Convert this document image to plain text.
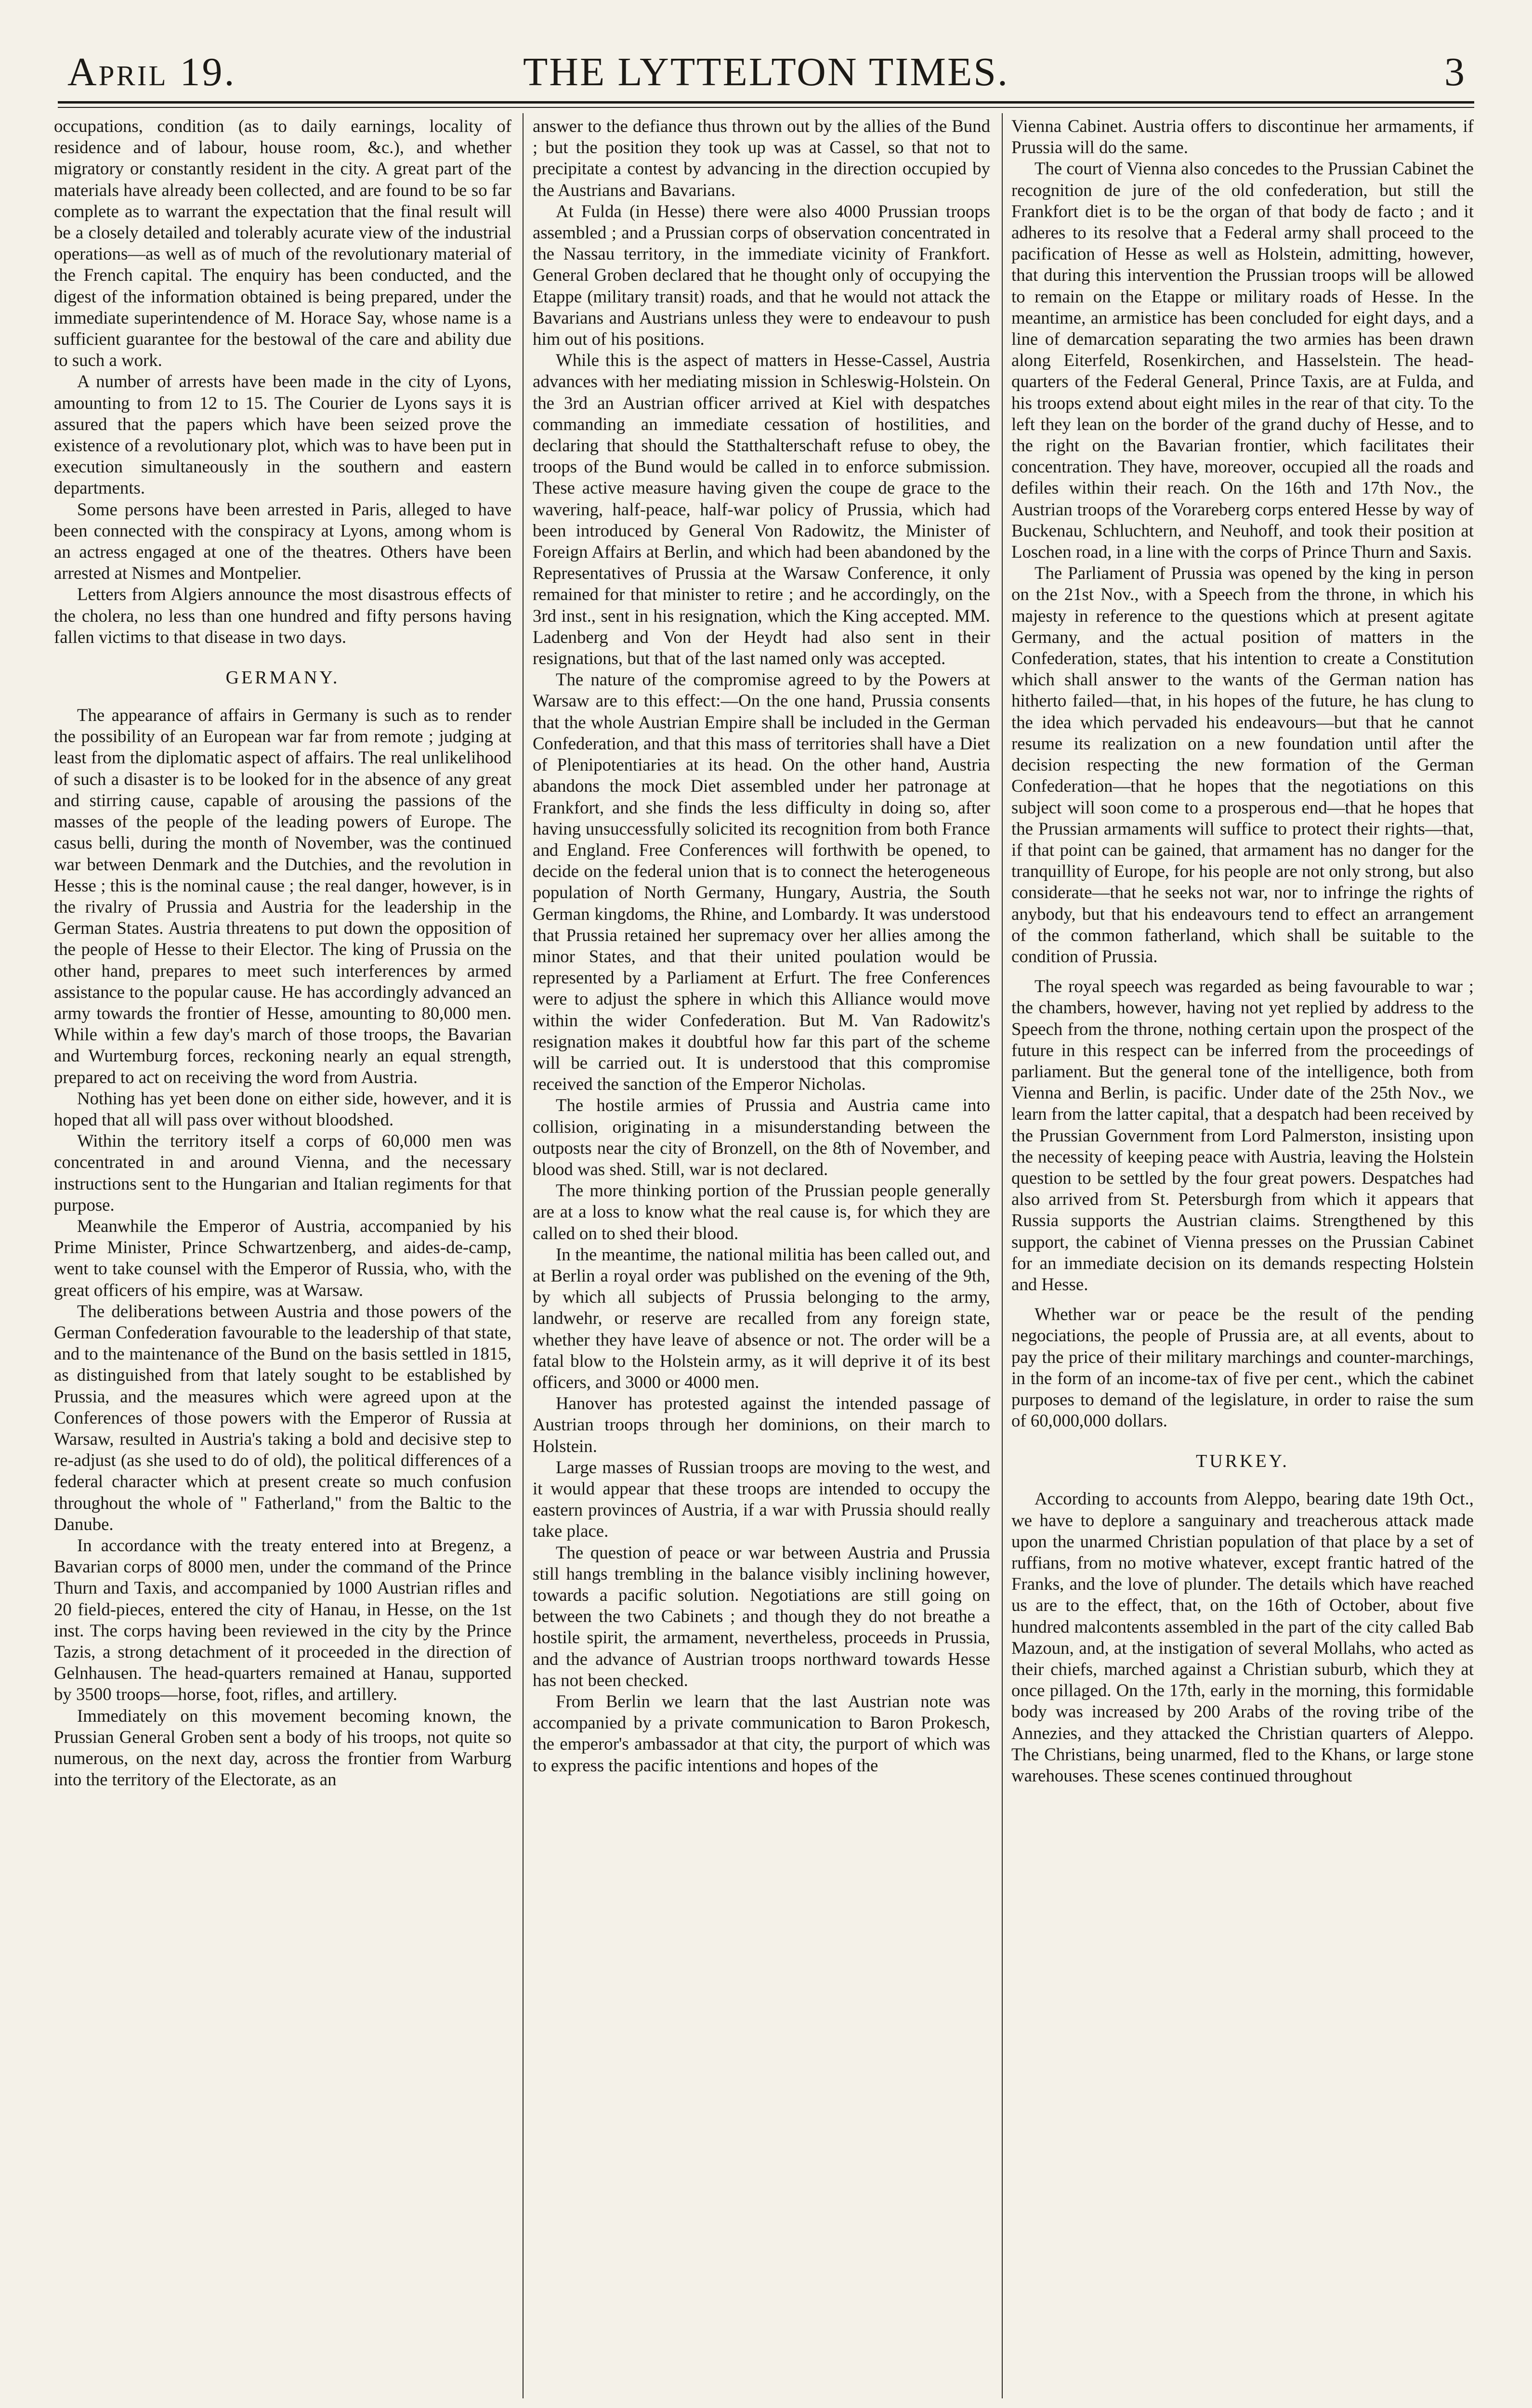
April 19.	THE LYTTELTON TIMES.	3

occupations, condition (as to daily earnings, locality of residence and of labour, house room, &c.), and whether migratory or constantly resident in the city. A great part of the materials have already been collected, and are found to be so far complete as to warrant the expectation that the final result will be a closely detailed and tolerably acurate view of the industrial operations—as well as of much of the revolutionary material of the French capital. The enquiry has been conducted, and the digest of the information obtained is being prepared, under the immediate superintendence of M. Horace Say, whose name is a sufficient guarantee for the bestowal of the care and ability due to such a work.

A number of arrests have been made in the city of Lyons, amounting to from 12 to 15. The Courier de Lyons says it is assured that the papers which have been seized prove the existence of a revolutionary plot, which was to have been put in execution simultaneously in the southern and eastern departments.

Some persons have been arrested in Paris, alleged to have been connected with the conspiracy at Lyons, among whom is an actress engaged at one of the theatres. Others have been arrested at Nismes and Montpelier.

Letters from Algiers announce the most disastrous effects of the cholera, no less than one hundred and fifty persons having fallen victims to that disease in two days.

GERMANY.

The appearance of affairs in Germany is such as to render the possibility of an European war far from remote ; judging at least from the diplomatic aspect of affairs. The real unlikelihood of such a disaster is to be looked for in the absence of any great and stirring cause, capable of arousing the passions of the masses of the people of the leading powers of Europe. The casus belli, during the month of November, was the continued war between Denmark and the Dutchies, and the revolution in Hesse ; this is the nominal cause ; the real danger, however, is in the rivalry of Prussia and Austria for the leadership in the German States. Austria threatens to put down the opposition of the people of Hesse to their Elector. The king of Prussia on the other hand, prepares to meet such interferences by armed assistance to the popular cause. He has accordingly advanced an army towards the frontier of Hesse, amounting to 80,000 men. While within a few day's march of those troops, the Bavarian and Wurtemburg forces, reckoning nearly an equal strength, prepared to act on receiving the word from Austria.

Nothing has yet been done on either side, however, and it is hoped that all will pass over without bloodshed.

Within the territory itself a corps of 60,000 men was concentrated in and around Vienna, and the necessary instructions sent to the Hungarian and Italian regiments for that purpose.

Meanwhile the Emperor of Austria, accompanied by his Prime Minister, Prince Schwartzenberg, and aides-de-camp, went to take counsel with the Emperor of Russia, who, with the great officers of his empire, was at Warsaw.

The deliberations between Austria and those powers of the German Confederation favourable to the leadership of that state, and to the maintenance of the Bund on the basis settled in 1815, as distinguished from that lately sought to be established by Prussia, and the measures which were agreed upon at the Conferences of those powers with the Emperor of Russia at Warsaw, resulted in Austria's taking a bold and decisive step to re-adjust (as she used to do of old), the political differences of a federal character which at present create so much confusion throughout the whole of " Fatherland," from the Baltic to the Danube.

In accordance with the treaty entered into at Bregenz, a Bavarian corps of 8000 men, under the command of the Prince Thurn and Taxis, and accompanied by 1000 Austrian rifles and 20 field-pieces, entered the city of Hanau, in Hesse, on the 1st inst. The corps having been reviewed in the city by the Prince Tazis, a strong detachment of it proceeded in the direction of Gelnhausen. The head-quarters remained at Hanau, supported by 3500 troops—horse, foot, rifles, and artillery.

Immediately on this movement becoming known, the Prussian General Groben sent a body of his troops, not quite so numerous, on the next day, across the frontier from Warburg into the territory of the Electorate, as an

answer to the defiance thus thrown out by the allies of the Bund ; but the position they took up was at Cassel, so that not to precipitate a contest by advancing in the direction occupied by the Austrians and Bavarians.

At Fulda (in Hesse) there were also 4000 Prussian troops assembled ; and a Prussian corps of observation concentrated in the Nassau territory, in the immediate vicinity of Frankfort. General Groben declared that he thought only of occupying the Etappe (military transit) roads, and that he would not attack the Bavarians and Austrians unless they were to endeavour to push him out of his positions.

While this is the aspect of matters in Hesse-Cassel, Austria advances with her mediating mission in Schleswig-Holstein. On the 3rd an Austrian officer arrived at Kiel with despatches commanding an immediate cessation of hostilities, and declaring that should the Statthalterschaft refuse to obey, the troops of the Bund would be called in to enforce submission. These active measure having given the coupe de grace to the wavering, half-peace, half-war policy of Prussia, which had been introduced by General Von Radowitz, the Minister of Foreign Affairs at Berlin, and which had been abandoned by the Representatives of Prussia at the Warsaw Conference, it only remained for that minister to retire ; and he accordingly, on the 3rd inst., sent in his resignation, which the King accepted. MM. Ladenberg and Von der Heydt had also sent in their resignations, but that of the last named only was accepted.

The nature of the compromise agreed to by the Powers at Warsaw are to this effect:—On the one hand, Prussia consents that the whole Austrian Empire shall be included in the German Confederation, and that this mass of territories shall have a Diet of Plenipotentiaries at its head. On the other hand, Austria abandons the mock Diet assembled under her patronage at Frankfort, and she finds the less difficulty in doing so, after having unsuccessfully solicited its recognition from both France and England. Free Conferences will forthwith be opened, to decide on the federal union that is to connect the heterogeneous population of North Germany, Hungary, Austria, the South German kingdoms, the Rhine, and Lombardy. It was understood that Prussia retained her supremacy over her allies among the minor States, and that their united poulation would be represented by a Parliament at Erfurt. The free Conferences were to adjust the sphere in which this Alliance would move within the wider Confederation. But M. Van Radowitz's resignation makes it doubtful how far this part of the scheme will be carried out. It is understood that this compromise received the sanction of the Emperor Nicholas.

The hostile armies of Prussia and Austria came into collision, originating in a misunderstanding between the outposts near the city of Bronzell, on the 8th of November, and blood was shed. Still, war is not declared.

The more thinking portion of the Prussian people generally are at a loss to know what the real cause is, for which they are called on to shed their blood.

In the meantime, the national militia has been called out, and at Berlin a royal order was published on the evening of the 9th, by which all subjects of Prussia belonging to the army, landwehr, or reserve are recalled from any foreign state, whether they have leave of absence or not. The order will be a fatal blow to the Holstein army, as it will deprive it of its best officers, and 3000 or 4000 men.

Hanover has protested against the intended passage of Austrian troops through her dominions, on their march to Holstein.

Large masses of Russian troops are moving to the west, and it would appear that these troops are intended to occupy the eastern provinces of Austria, if a war with Prussia should really take place.

The question of peace or war between Austria and Prussia still hangs trembling in the balance visibly inclining however, towards a pacific solution. Negotiations are still going on between the two Cabinets ; and though they do not breathe a hostile spirit, the armament, nevertheless, proceeds in Prussia, and the advance of Austrian troops northward towards Hesse has not been checked.

From Berlin we learn that the last Austrian note was accompanied by a private communication to Baron Prokesch, the emperor's ambassador at that city, the purport of which was to express the pacific intentions and hopes of the

Vienna Cabinet. Austria offers to discontinue her armaments, if Prussia will do the same.

The court of Vienna also concedes to the Prussian Cabinet the recognition de jure of the old confederation, but still the Frankfort diet is to be the organ of that body de facto ; and it adheres to its resolve that a Federal army shall proceed to the pacification of Hesse as well as Holstein, admitting, however, that during this intervention the Prussian troops will be allowed to remain on the Etappe or military roads of Hesse. In the meantime, an armistice has been concluded for eight days, and a line of demarcation separating the two armies has been drawn along Eiterfeld, Rosenkirchen, and Hasselstein. The head-quarters of the Federal General, Prince Taxis, are at Fulda, and his troops extend about eight miles in the rear of that city. To the left they lean on the border of the grand duchy of Hesse, and to the right on the Bavarian frontier, which facilitates their concentration. They have, moreover, occupied all the roads and defiles within their reach. On the 16th and 17th Nov., the Austrian troops of the Vorareberg corps entered Hesse by way of Buckenau, Schluchtern, and Neuhoff, and took their position at Loschen road, in a line with the corps of Prince Thurn and Saxis.

The Parliament of Prussia was opened by the king in person on the 21st Nov., with a Speech from the throne, in which his majesty in reference to the questions which at present agitate Germany, and the actual position of matters in the Confederation, states, that his intention to create a Constitution which shall answer to the wants of the German nation has hitherto failed—that, in his hopes of the future, he has clung to the idea which pervaded his endeavours—but that he cannot resume its realization on a new foundation until after the decision respecting the new formation of the German Confederation—that he hopes that the negotiations on this subject will soon come to a prosperous end—that he hopes that the Prussian armaments will suffice to protect their rights—that, if that point can be gained, that armament has no danger for the tranquillity of Europe, for his people are not only strong, but also considerate—that he seeks not war, nor to infringe the rights of anybody, but that his endeavours tend to effect an arrangement of the common fatherland, which shall be suitable to the condition of Prussia.

The royal speech was regarded as being favourable to war ; the chambers, however, having not yet replied by address to the Speech from the throne, nothing certain upon the prospect of the future in this respect can be inferred from the proceedings of parliament. But the general tone of the intelligence, both from Vienna and Berlin, is pacific. Under date of the 25th Nov., we learn from the latter capital, that a despatch had been received by the Prussian Government from Lord Palmerston, insisting upon the necessity of keeping peace with Austria, leaving the Holstein question to be settled by the four great powers. Despatches had also arrived from St. Petersburgh from which it appears that Russia supports the Austrian claims. Strengthened by this support, the cabinet of Vienna presses on the Prussian Cabinet for an immediate decision on its demands respecting Holstein and Hesse.

Whether war or peace be the result of the pending negociations, the people of Prussia are, at all events, about to pay the price of their military marchings and counter-marchings, in the form of an income-tax of five per cent., which the cabinet purposes to demand of the legislature, in order to raise the sum of 60,000,000 dollars.

TURKEY.

According to accounts from Aleppo, bearing date 19th Oct., we have to deplore a sanguinary and treacherous attack made upon the unarmed Christian population of that place by a set of ruffians, from no motive whatever, except frantic hatred of the Franks, and the love of plunder. The details which have reached us are to the effect, that, on the 16th of October, about five hundred malcontents assembled in the part of the city called Bab Mazoun, and, at the instigation of several Mollahs, who acted as their chiefs, marched against a Christian suburb, which they at once pillaged. On the 17th, early in the morning, this formidable body was increased by 200 Arabs of the roving tribe of the Annezies, and they attacked the Christian quarters of Aleppo. The Christians, being unarmed, fled to the Khans, or large stone warehouses. These scenes continued throughout
